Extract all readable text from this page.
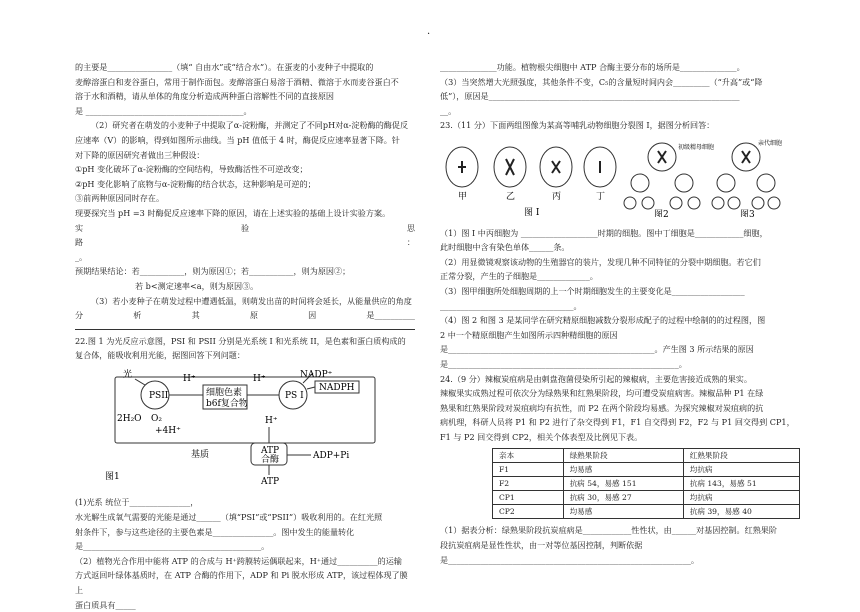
·

的主要是________________（填“ 自由水”或“结合水”）。在蛋麦的小麦种子中提取的

麦醇溶蛋白和麦谷蛋白，常用于制作面包。麦醇溶蛋白易溶于酒精、微溶于水而麦谷蛋白不

溶于水和酒精，请从单体的角度分析造成两种蛋白溶解性不同的直接原因

是 _______________________________________。

（2）研究者在萌发的小麦种子中提取了α-淀粉酶，并测定了不同pH对α-淀粉酶的酶促反

应速率（V）的影响，得到如图所示曲线。当 pH 值低于 4 时，酶促反应速率显著下降。针

对下降的原因研究者做出三种假设：

①pH 变化破坏了α-淀粉酶的空间结构，导致酶活性不可逆改变；

②pH 变化影响了底物与α-淀粉酶的结合状态，这种影响是可逆的；

③前两种原因同时存在。

现要探究当 pH =3 时酶促反应速率下降的原因，请在上述实验的基础上设计实验方案。

实	验	思
路	：

_。

预期结果结论：若___________，则为原因①；若___________，则为原因②；

若 b<测定速率<a，则为原因③。

（3）若小麦种子在萌发过程中遭遇低温，则萌发出苗的时间将会延长，从能量供应的角度

分	析	其	原	因	是__________

22.图 1 为光反应示意图，PSI 和 PSII 分别是光系统 I 和光系统 II，是色素和蛋白质构成的

复合体，能吸收利用光能，据图回答下列问题：

PSII	细胞色素
b6f复合物
PS I
NADPH
NADP⁺
光	H⁺	H⁺
2H₂O O₂
+4H⁺
H⁺
基质	ATP
合酶	ADP+Pi
ATP
图1

(1)光系 统位于_______________，

水光解生成氧气需要的光能是通过______（填“PSI”或“PSII”）吸收利用的。在红光照

射条件下，参与这些途径的主要色素是_______________。图中发生的能量转化

是____________________________________________。

（2）植物光合作用中能将 ATP 的合成与 H⁺跨膜转运偶联起来，H⁺通过__________的运输

方式返回叶绿体基质时，在 ATP 合酶的作用下，ADP 和 Pi 脱水形成 ATP，该过程体现了膜上

蛋白质具有_____

______________功能。植物根尖细胞中 ATP 合酶主要分布的场所是______________。

（3）当突然增大光照强度，其他条件不变，C₅的含量短时间内会_________（“升高”或“降

低”），原因是______________________________________________________________

__。

23.（11 分）下面两组图像为某高等哺乳动物细胞分裂图 I，据图分析回答：

甲	乙	丙	丁
图 I
初级精母细胞
亲代细胞
图2	图3

（1）图 I 中丙细胞为 ___________________时期的细胞。图中丁细胞是____________细胞，

此时细胞中含有染色单体______条。

（2）用显微镜观察该动物的生殖器官的装片，发现几种不同特征的分裂中期细胞。若它们

正常分裂，产生的子细胞是_____________。

（3）图甲细胞所处细胞周期的上一个时期细胞发生的主要变化是__________________

_________________________________。

（4）图 2 和图 3 是某同学在研究精原细胞减数分裂形成配子的过程中绘制的的过程图，图

2 中一个精原细胞产生如图所示四种精细胞的原因

是___________________________________________________。产生图 3 所示结果的原因

是_________________________________________________________。

24.（9 分）辣椒炭疽病是由刺盘孢菌侵染所引起的辣椒病，主要危害接近成熟的果实。

辣椒果实成熟过程可依次分为绿熟果和红熟果阶段，均可遭受炭疽病害。辣椒品种 P1 在绿

熟果和红熟果阶段对炭疽病均有抗性，而 P2 在两个阶段均易感。为探究辣椒对炭疽病的抗

病机理，科研人员将 P1 和 P2 进行了杂交得到 F1，F1 自交得到 F2，F2 与 P1 回交得到 CP1，

F1 与 P2 回交得到 CP2，相关个体表型及比例见下表。

亲本	绿熟果阶段	红熟果阶段
F1	均易感	均抗病
F2	抗病 54，易感 151	抗病 143，易感 51
CP1	抗病 30，易感 27	均抗病
CP2	均易感	抗病 39，易感 40

（1）据表分析：绿熟果阶段抗炭疽病是____________性性状，由______对基因控制。红熟果阶

段抗炭疽病是显性性状，由一对等位基因控制，判断依据

是____________________________________________________________。
